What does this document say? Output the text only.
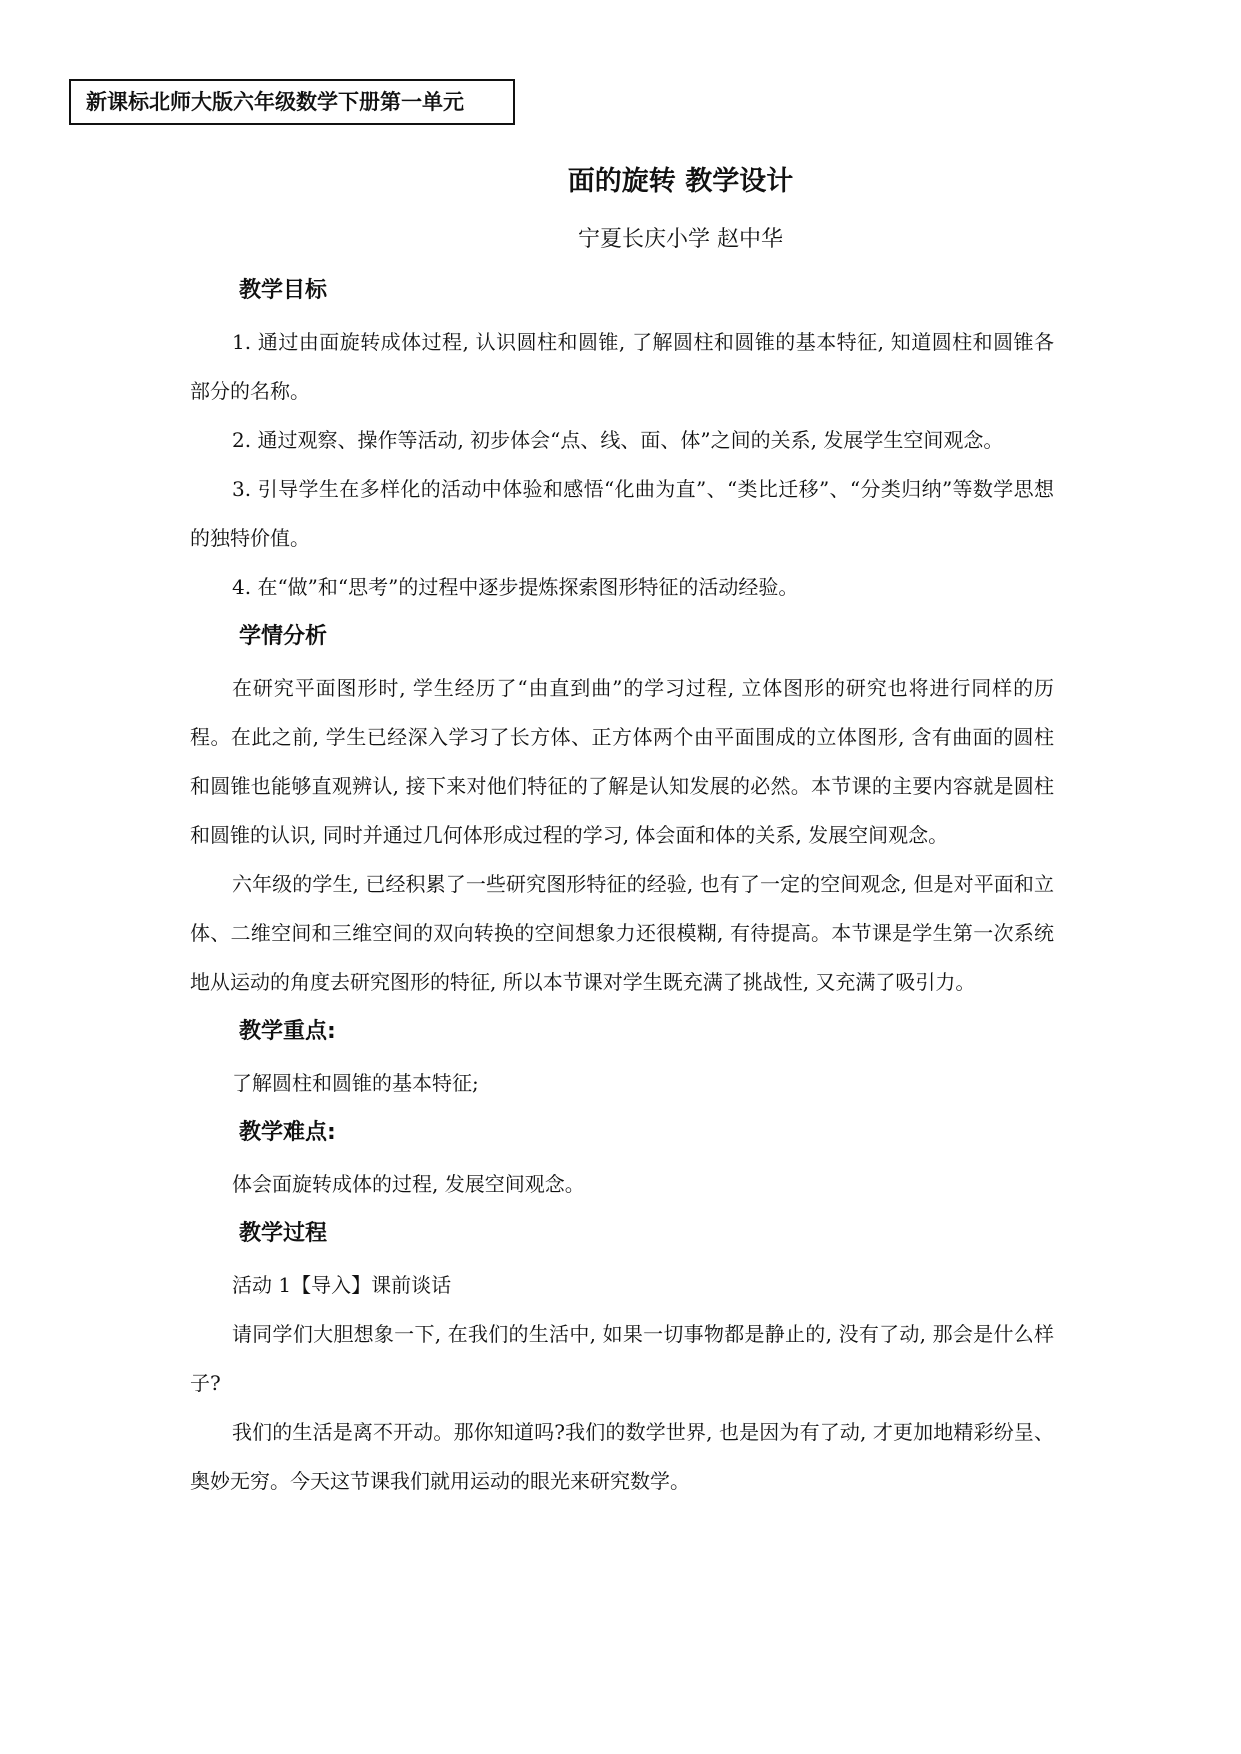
新课标北师大版六年级数学下册第一单元
面的旋转 教学设计
宁夏长庆小学 赵中华
教学目标

1. 通过由面旋转成体过程, 认识圆柱和圆锥, 了解圆柱和圆锥的基本特征, 知道圆柱和圆锥各部分的名称。

2. 通过观察、操作等活动, 初步体会“点、线、面、体”之间的关系, 发展学生空间观念。

3. 引导学生在多样化的活动中体验和感悟“化曲为直”、“类比迁移”、“分类归纳”等数学思想的独特价值。

4. 在“做”和“思考”的过程中逐步提炼探索图形特征的活动经验。

学情分析

在研究平面图形时, 学生经历了“由直到曲”的学习过程, 立体图形的研究也将进行同样的历程。在此之前, 学生已经深入学习了长方体、正方体两个由平面围成的立体图形, 含有曲面的圆柱和圆锥也能够直观辨认, 接下来对他们特征的了解是认知发展的必然。本节课的主要内容就是圆柱和圆锥的认识, 同时并通过几何体形成过程的学习, 体会面和体的关系, 发展空间观念。

六年级的学生, 已经积累了一些研究图形特征的经验, 也有了一定的空间观念, 但是对平面和立体、二维空间和三维空间的双向转换的空间想象力还很模糊, 有待提高。本节课是学生第一次系统地从运动的角度去研究图形的特征, 所以本节课对学生既充满了挑战性, 又充满了吸引力。

教学重点:

了解圆柱和圆锥的基本特征;

教学难点:

体会面旋转成体的过程, 发展空间观念。

教学过程

活动 1【导入】课前谈话

请同学们大胆想象一下, 在我们的生活中, 如果一切事物都是静止的, 没有了动, 那会是什么样子?

我们的生活是离不开动。那你知道吗?我们的数学世界, 也是因为有了动, 才更加地精彩纷呈、奥妙无穷。今天这节课我们就用运动的眼光来研究数学。
